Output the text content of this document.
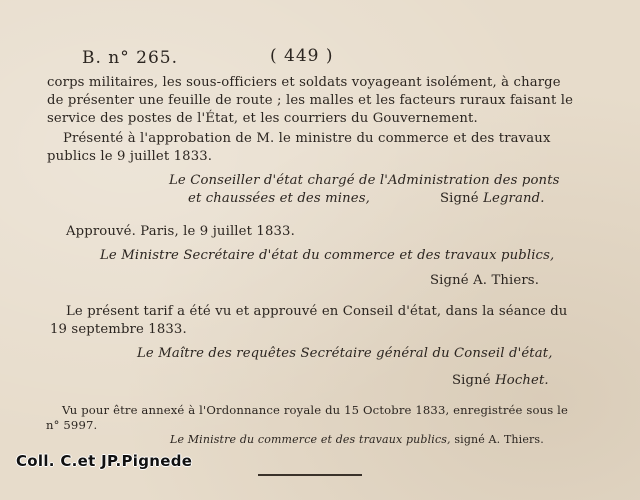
B. n° 265.	( 449 )
corps militaires, les sous-officiers et soldats voyageant isolément, à charge
de présenter une feuille de route ; les malles et les facteurs ruraux faisant le
service des postes de l'État, et les courriers du Gouvernement.
Présenté à l'approbation de M. le ministre du commerce et des travaux
publics le 9 juillet 1833.
Le Conseiller d'état chargé de l'Administration des ponts
et chaussées et des mines,	Signé Legrand.
Approuvé. Paris, le 9 juillet 1833.
Le Ministre Secrétaire d'état du commerce et des travaux publics,
Signé A. Thiers.
Le présent tarif a été vu et approuvé en Conseil d'état, dans la séance du
19 septembre 1833.
Le Maître des requêtes Secrétaire général du Conseil d'état,
Signé Hochet.
Vu pour être annexé à l'Ordonnance royale du 15 Octobre 1833, enregistrée sous le
n° 5997.
Le Ministre du commerce et des travaux publics, signé A. Thiers.
Coll. C.et JP.Pignede
